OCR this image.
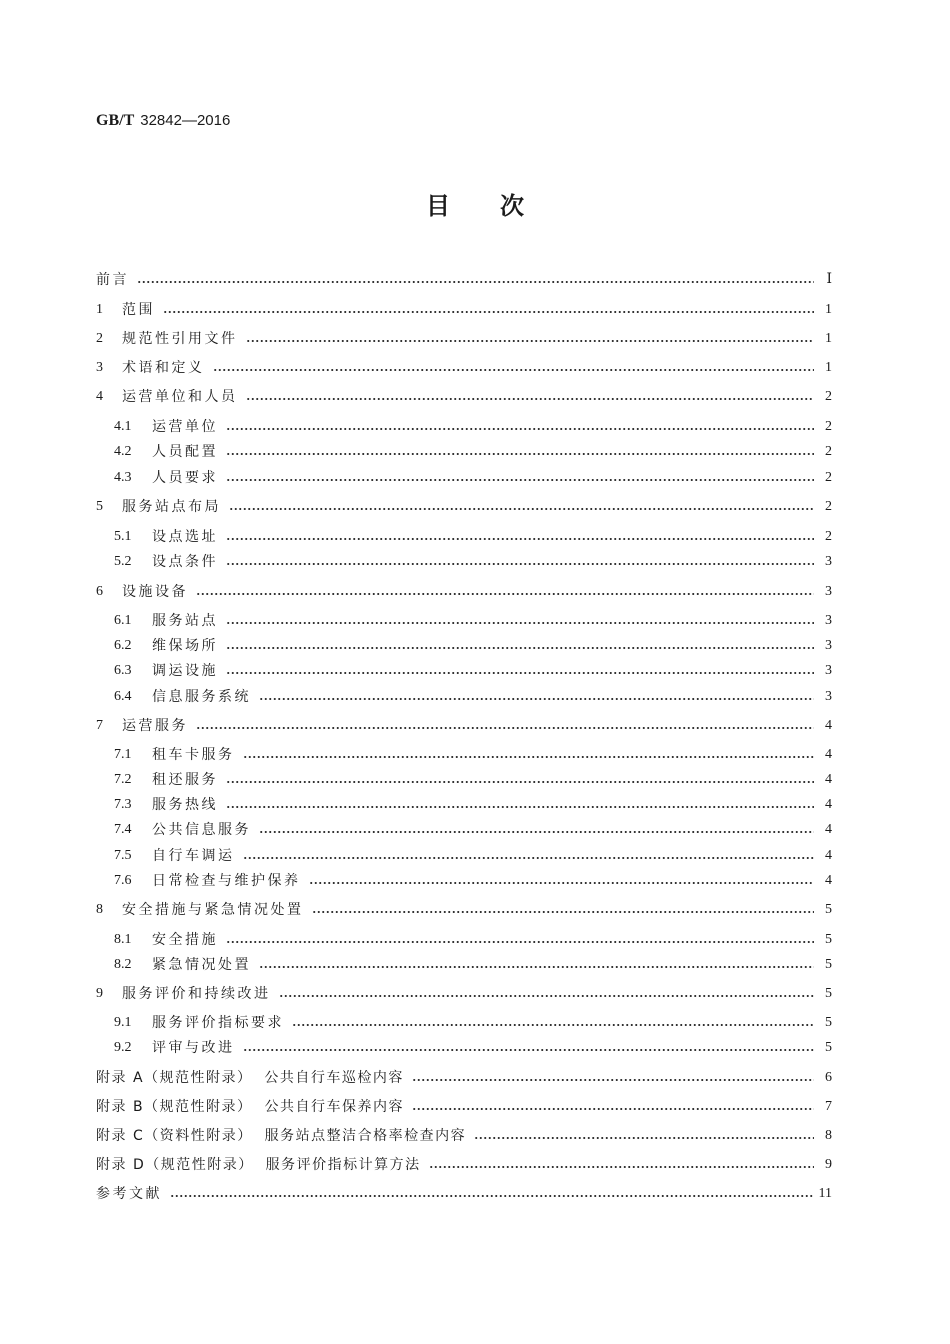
GB/T 32842—2016
目 次
前言	Ⅰ
1	范围	1
2	规范性引用文件	1
3	术语和定义	1
4	运营单位和人员	2
4.1	运营单位	2
4.2	人员配置	2
4.3	人员要求	2
5	服务站点布局	2
5.1	设点选址	2
5.2	设点条件	3
6	设施设备	3
6.1	服务站点	3
6.2	维保场所	3
6.3	调运设施	3
6.4	信息服务系统	3
7	运营服务	4
7.1	租车卡服务	4
7.2	租还服务	4
7.3	服务热线	4
7.4	公共信息服务	4
7.5	自行车调运	4
7.6	日常检查与维护保养	4
8	安全措施与紧急情况处置	5
8.1	安全措施	5
8.2	紧急情况处置	5
9	服务评价和持续改进	5
9.1	服务评价指标要求	5
9.2	评审与改进	5
附录 A（规范性附录）  公共自行车巡检内容	6
附录 B（规范性附录）  公共自行车保养内容	7
附录 C（资料性附录）  服务站点整洁合格率检查内容	8
附录 D（规范性附录）  服务评价指标计算方法	9
参考文献	11
